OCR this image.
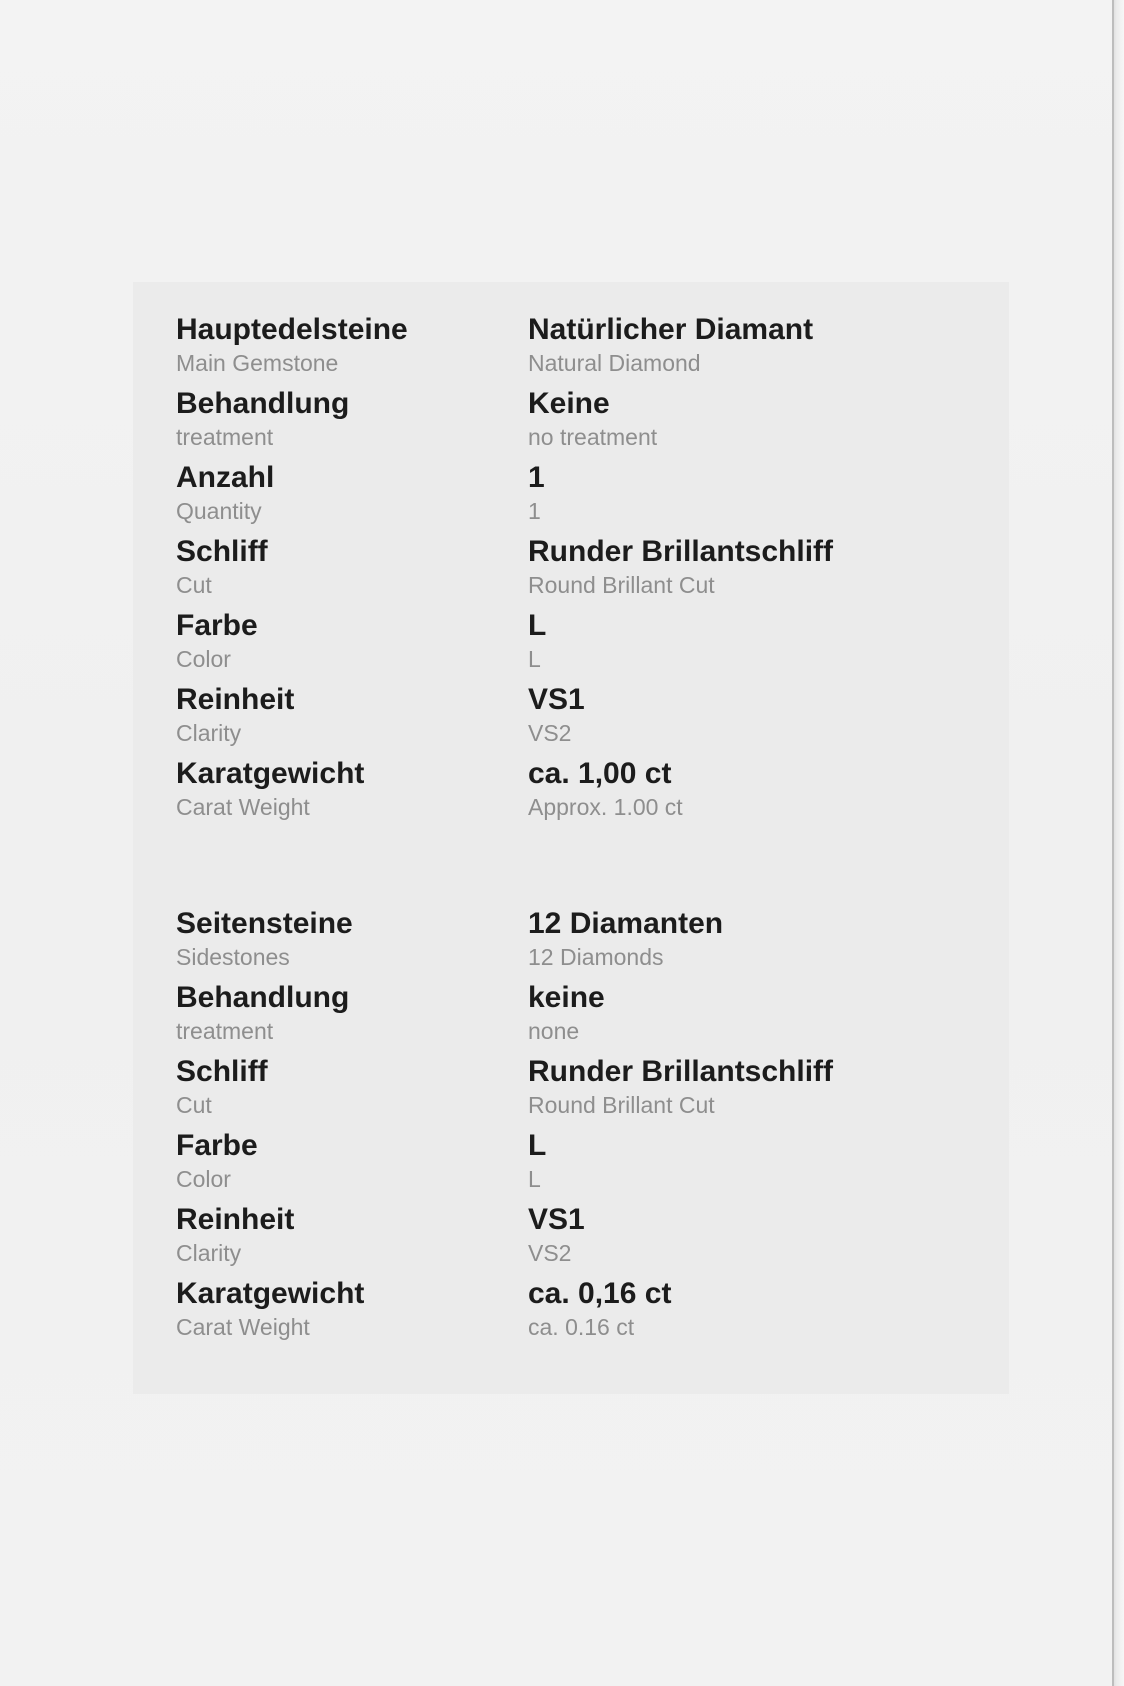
Hauptedelsteine
Main Gemstone
Natürlicher Diamant
Natural Diamond
Behandlung
treatment
Keine
no treatment
Anzahl
Quantity
1
1
Schliff
Cut
Runder Brillantschliff
Round Brillant Cut
Farbe
Color
L
L
Reinheit
Clarity
VS1
VS2
Karatgewicht
Carat Weight
ca. 1,00 ct
Approx. 1.00 ct
Seitensteine
Sidestones
12 Diamanten
12 Diamonds
Behandlung
treatment
keine
none
Schliff
Cut
Runder Brillantschliff
Round Brillant Cut
Farbe
Color
L
L
Reinheit
Clarity
VS1
VS2
Karatgewicht
Carat Weight
ca. 0,16 ct
ca. 0.16 ct
